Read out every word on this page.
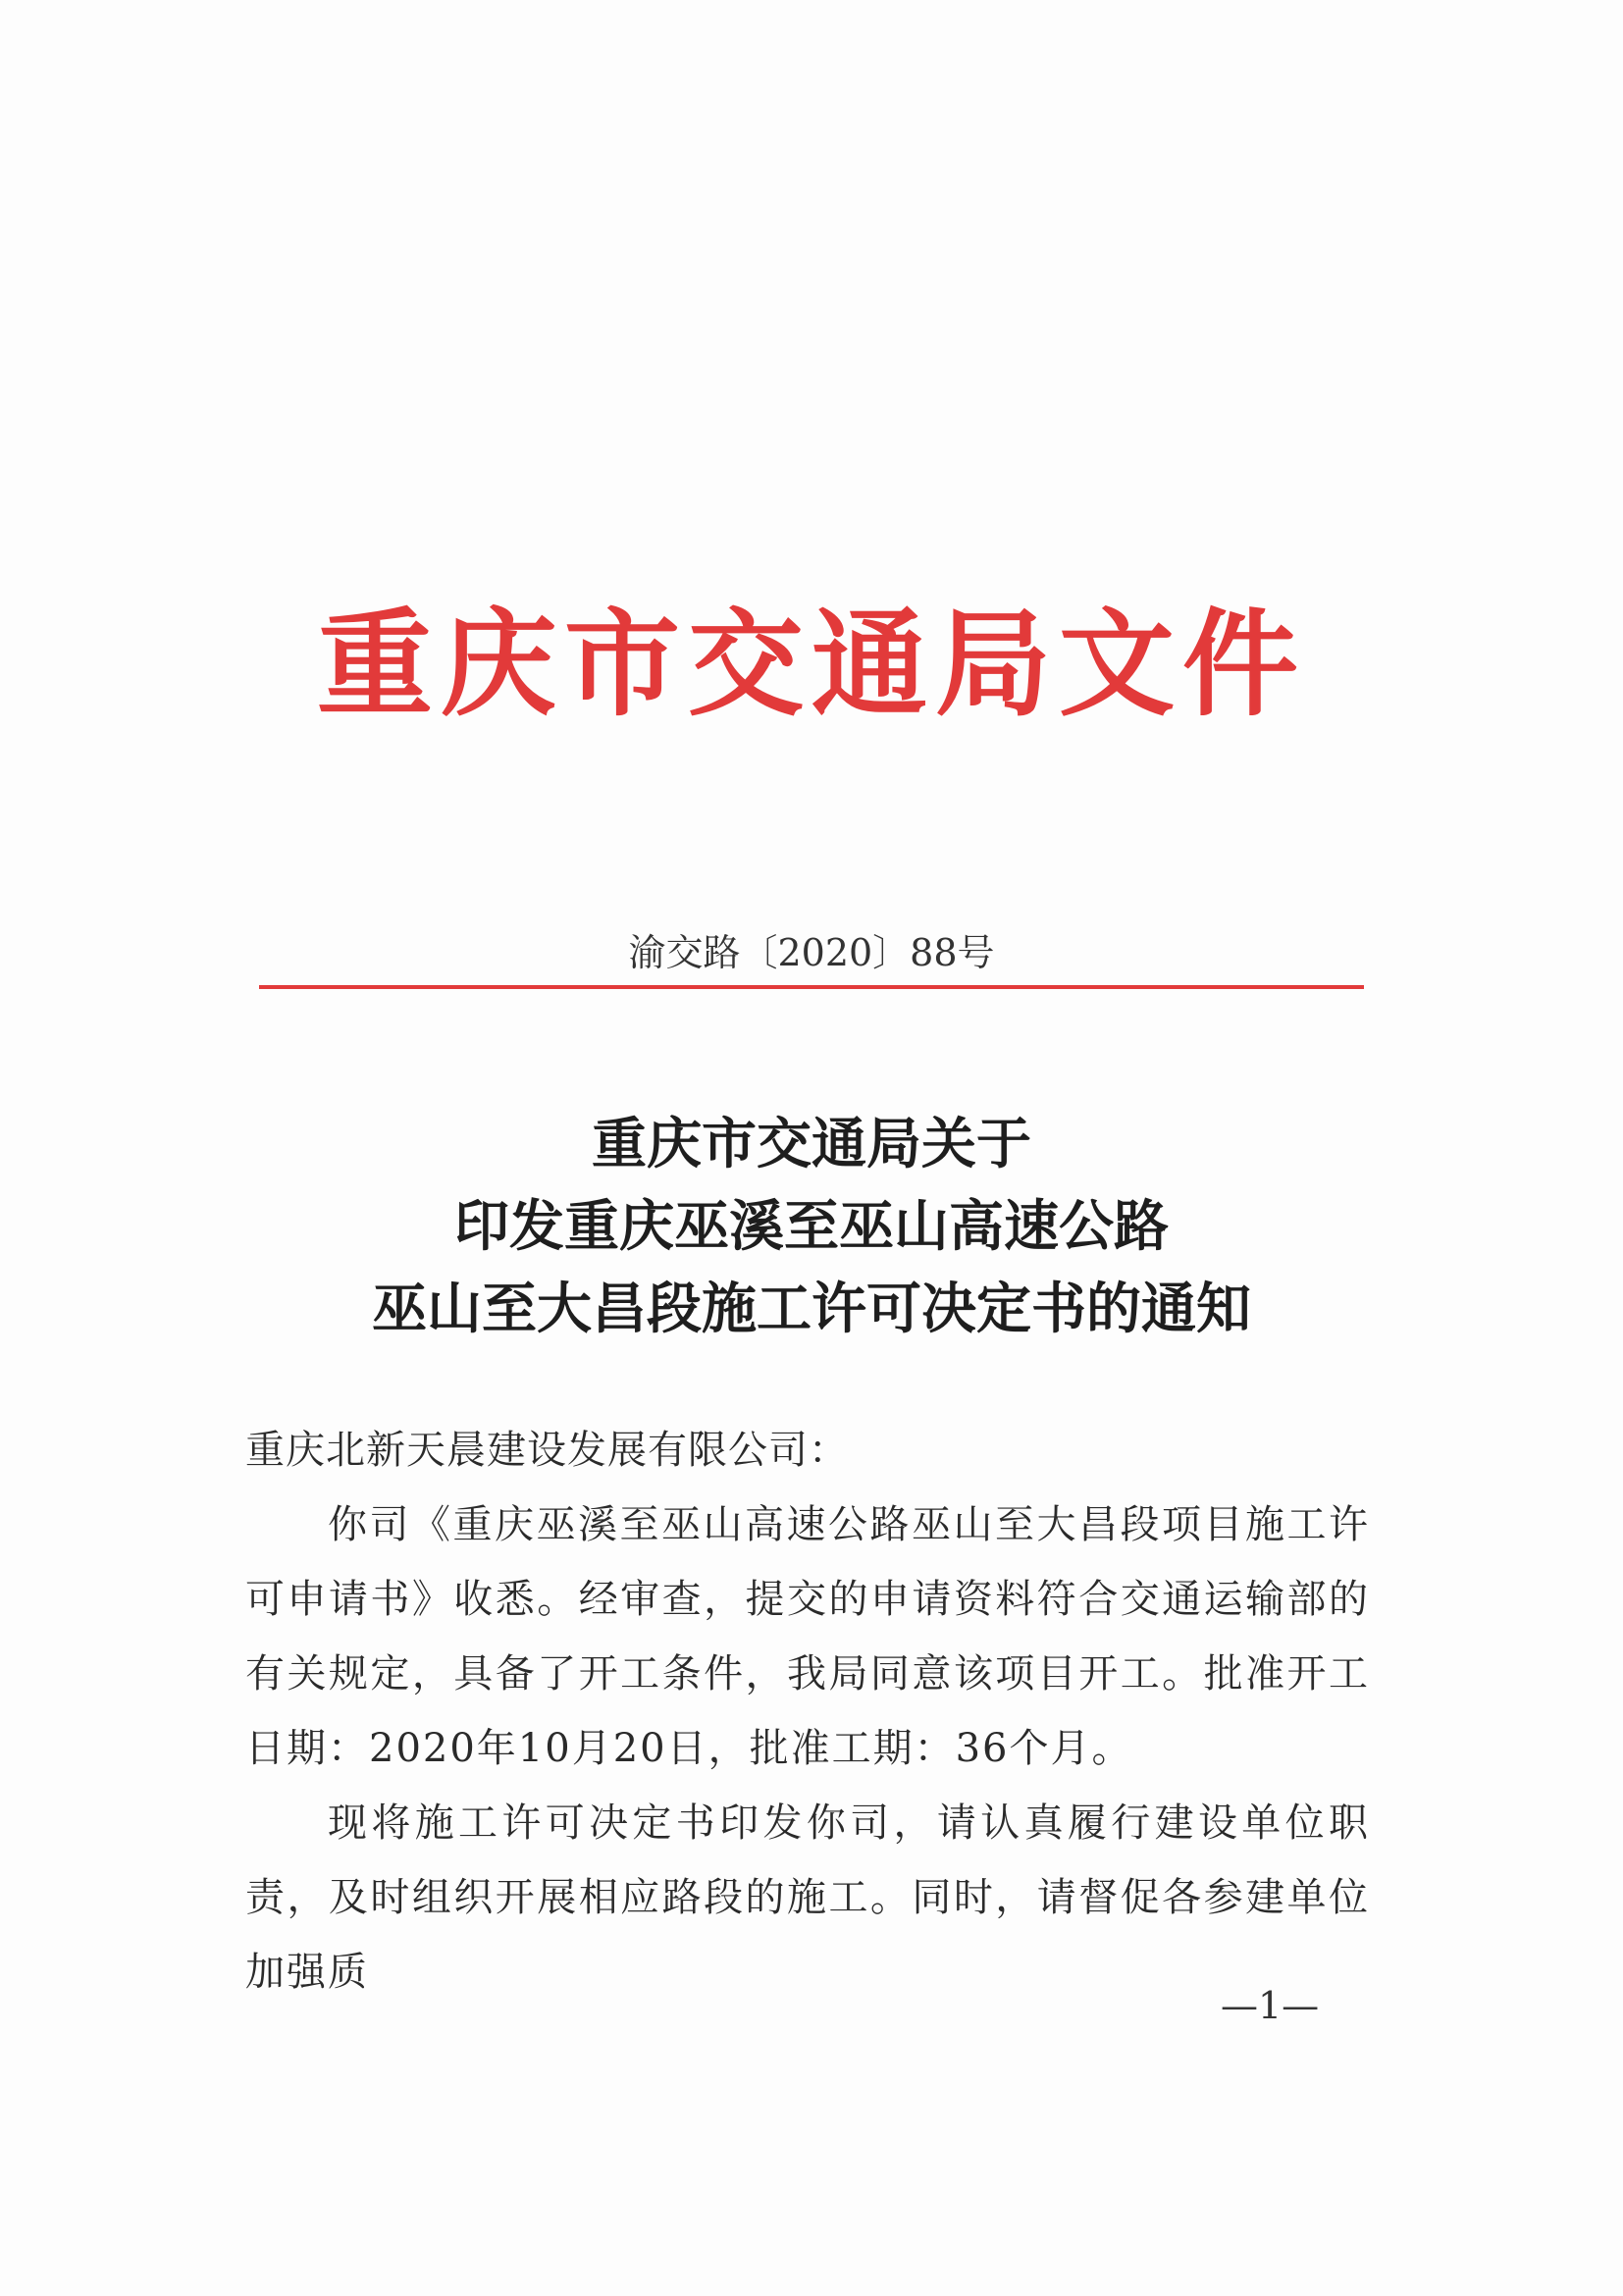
重庆市交通局文件
渝交路〔2020〕88号
重庆市交通局关于
印发重庆巫溪至巫山高速公路
巫山至大昌段施工许可决定书的通知

重庆北新天晨建设发展有限公司：

你司《重庆巫溪至巫山高速公路巫山至大昌段项目施工许可申请书》收悉。经审查，提交的申请资料符合交通运输部的有关规定，具备了开工条件，我局同意该项目开工。批准开工日期：2020年10月20日，批准工期：36个月。

现将施工许可决定书印发你司，请认真履行建设单位职责，及时组织开展相应路段的施工。同时，请督促各参建单位加强质

—1—
